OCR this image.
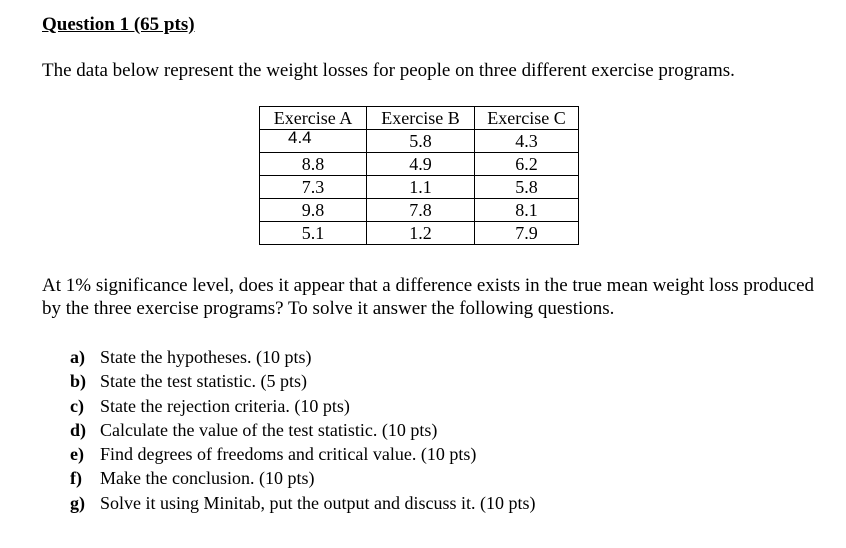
Question 1 (65 pts)
The data below represent the weight losses for people on three different exercise programs.
Exercise A	Exercise B	Exercise C
4.4	5.8	4.3
8.8	4.9	6.2
7.3	1.1	5.8
9.8	7.8	8.1
5.1	1.2	7.9
At 1% significance level, does it appear that a difference exists in the true mean weight loss produced by the three exercise programs? To solve it answer the following questions.
a) State the hypotheses. (10 pts)
b) State the test statistic. (5 pts)
c) State the rejection criteria. (10 pts)
d) Calculate the value of the test statistic. (10 pts)
e) Find degrees of freedoms and critical value. (10 pts)
f) Make the conclusion. (10 pts)
g) Solve it using Minitab, put the output and discuss it. (10 pts)
